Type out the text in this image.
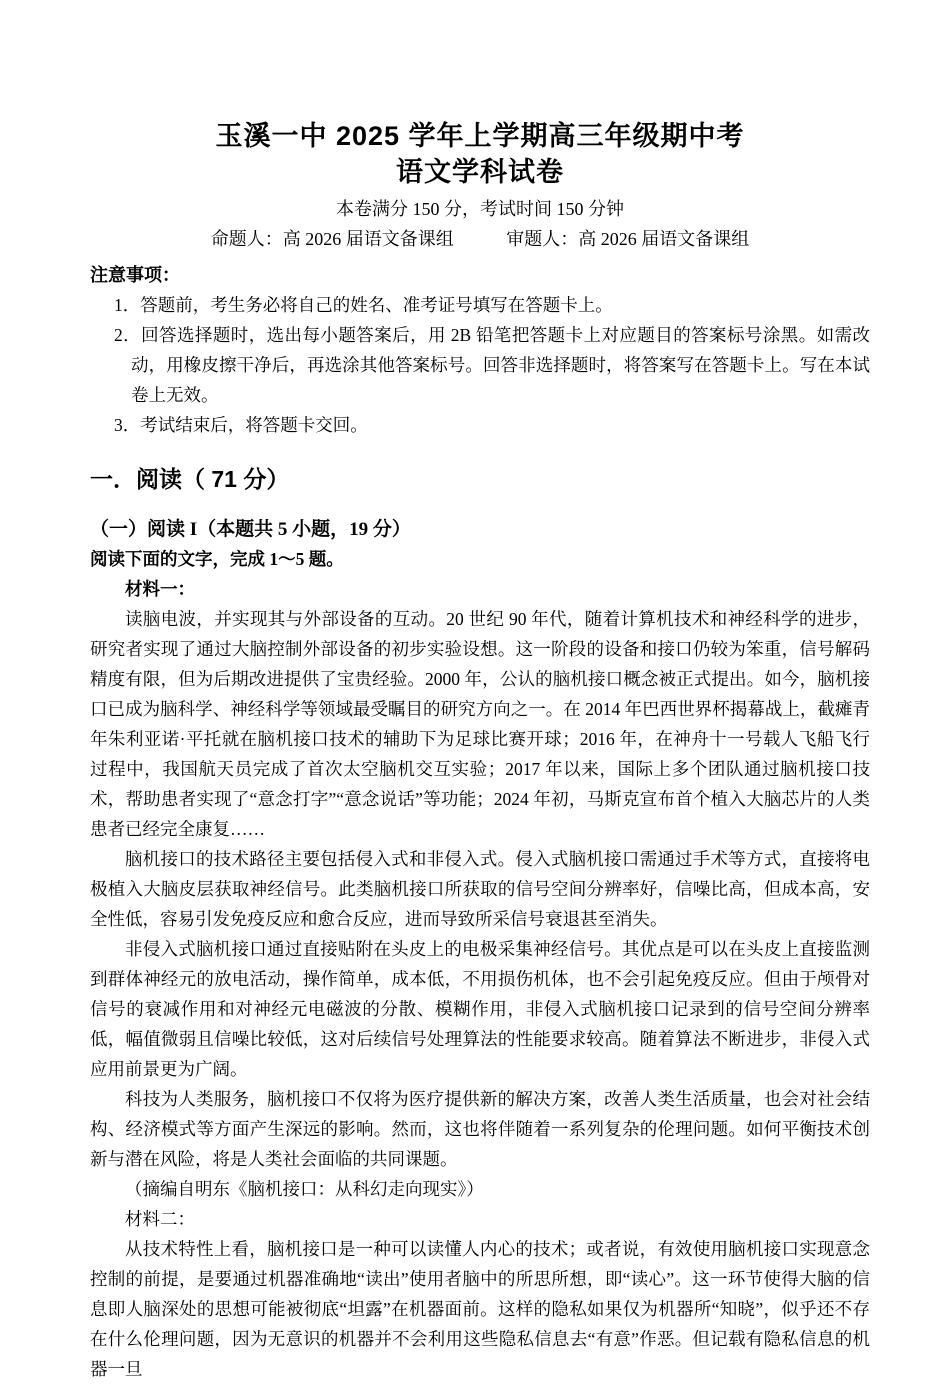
玉溪一中 2025 学年上学期高三年级期中考
语文学科试卷
本卷满分 150 分，考试时间 150 分钟
命题人：高 2026 届语文备课组	审题人：高 2026 届语文备课组
注意事项：
1．答题前，考生务必将自己的姓名、准考证号填写在答题卡上。
2．回答选择题时，选出每小题答案后，用 2B 铅笔把答题卡上对应题目的答案标号涂黑。如需改动，用橡皮擦干净后，再选涂其他答案标号。回答非选择题时，将答案写在答题卡上。写在本试卷上无效。
3．考试结束后，将答题卡交回。
一．阅读（ 71 分）
（一）阅读 I（本题共 5 小题，19 分）
阅读下面的文字，完成 1～5 题。
材料一：

读脑电波，并实现其与外部设备的互动。20 世纪 90 年代，随着计算机技术和神经科学的进步，研究者实现了通过大脑控制外部设备的初步实验设想。这一阶段的设备和接口仍较为笨重，信号解码精度有限，但为后期改进提供了宝贵经验。2000 年，公认的脑机接口概念被正式提出。如今，脑机接口已成为脑科学、神经科学等领域最受瞩目的研究方向之一。在 2014 年巴西世界杯揭幕战上，截瘫青年朱利亚诺·平托就在脑机接口技术的辅助下为足球比赛开球；2016 年，在神舟十一号载人飞船飞行过程中，我国航天员完成了首次太空脑机交互实验；2017 年以来，国际上多个团队通过脑机接口技术，帮助患者实现了“意念打字”“意念说话”等功能；2024 年初，马斯克宣布首个植入大脑芯片的人类患者已经完全康复……

脑机接口的技术路径主要包括侵入式和非侵入式。侵入式脑机接口需通过手术等方式，直接将电极植入大脑皮层获取神经信号。此类脑机接口所获取的信号空间分辨率好，信噪比高，但成本高，安全性低，容易引发免疫反应和愈合反应，进而导致所采信号衰退甚至消失。

非侵入式脑机接口通过直接贴附在头皮上的电极采集神经信号。其优点是可以在头皮上直接监测到群体神经元的放电活动，操作简单，成本低，不用损伤机体，也不会引起免疫反应。但由于颅骨对信号的衰减作用和对神经元电磁波的分散、模糊作用，非侵入式脑机接口记录到的信号空间分辨率低，幅值微弱且信噪比较低，这对后续信号处理算法的性能要求较高。随着算法不断进步，非侵入式应用前景更为广阔。

科技为人类服务，脑机接口不仅将为医疗提供新的解决方案，改善人类生活质量，也会对社会结构、经济模式等方面产生深远的影响。然而，这也将伴随着一系列复杂的伦理问题。如何平衡技术创新与潜在风险，将是人类社会面临的共同课题。

（摘编自明东《脑机接口：从科幻走向现实》）

材料二：

从技术特性上看，脑机接口是一种可以读懂人内心的技术；或者说，有效使用脑机接口实现意念控制的前提，是要通过机器准确地“读出”使用者脑中的所思所想，即“读心”。这一环节使得大脑的信息即人脑深处的思想可能被彻底“坦露”在机器面前。这样的隐私如果仅为机器所“知晓”，似乎还不存在什么伦理问题，因为无意识的机器并不会利用这些隐私信息去“有意”作恶。但记载有隐私信息的机器一旦
